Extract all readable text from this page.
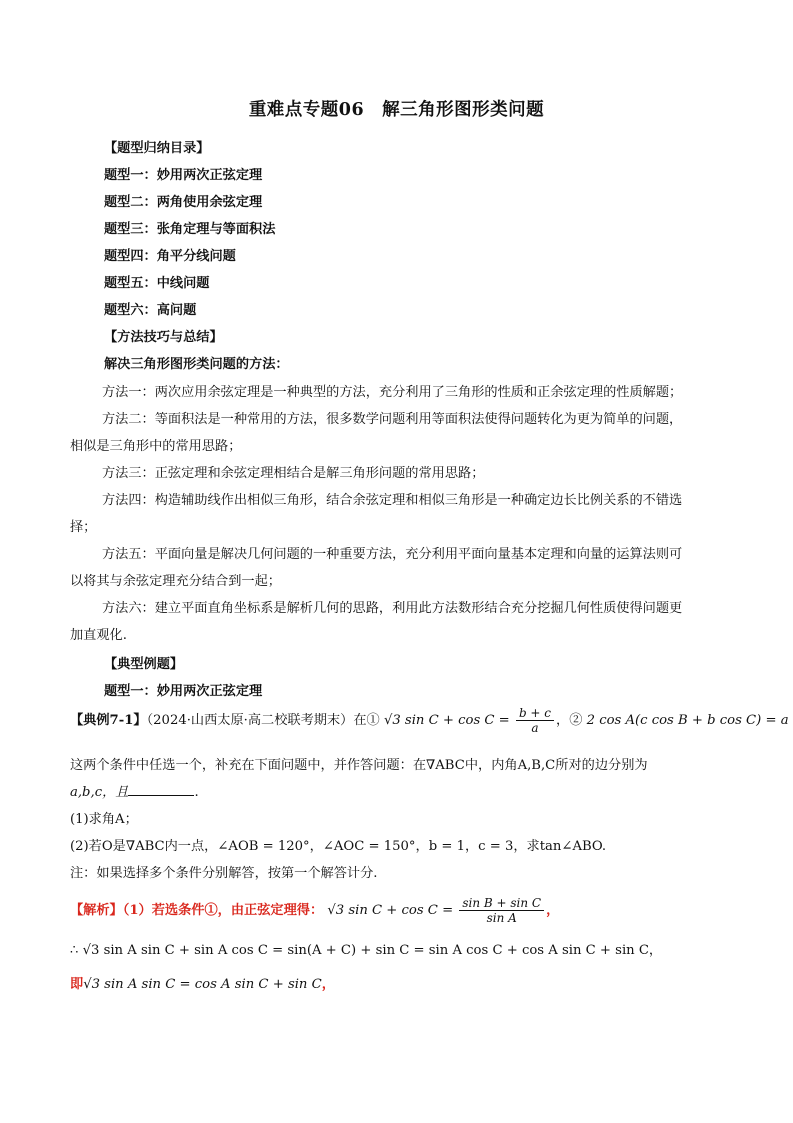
重难点专题06　解三角形图形类问题
【题型归纳目录】
题型一：妙用两次正弦定理
题型二：两角使用余弦定理
题型三：张角定理与等面积法
题型四：角平分线问题
题型五：中线问题
题型六：高问题
【方法技巧与总结】
解决三角形图形类问题的方法：
方法一：两次应用余弦定理是一种典型的方法，充分利用了三角形的性质和正余弦定理的性质解题；
方法二：等面积法是一种常用的方法，很多数学问题利用等面积法使得问题转化为更为简单的问题，
相似是三角形中的常用思路；
方法三：正弦定理和余弦定理相结合是解三角形问题的常用思路；
方法四：构造辅助线作出相似三角形，结合余弦定理和相似三角形是一种确定边长比例关系的不错选
择；
方法五：平面向量是解决几何问题的一种重要方法，充分利用平面向量基本定理和向量的运算法则可
以将其与余弦定理充分结合到一起；
方法六：建立平面直角坐标系是解析几何的思路，利用此方法数形结合充分挖掘几何性质使得问题更
加直观化.
【典型例题】
题型一：妙用两次正弦定理
【典例7-1】（2024·山西太原·高二校联考期末）在① √3 $\sin C + \cos C = \frac{b + c}{a}$ ，② 2 cos A(c cos B + b cos C) = a
这两个条件中任选一个，补充在下面问题中，并作答问题：在∇ABC中，内角A,B,C所对的边分别为
a,b,c，且	.
(1)求角A；
(2)若O是∇ABC内一点，∠AOB = 120°，∠AOC = 150°，b = 1，c = 3，求tan∠ABO.
注：如果选择多个条件分别解答，按第一个解答计分.
【解析】（1）若选条件①，由正弦定理得： √3 $\sin C + \cos C = \frac{\text{sin B + sin C}}{\text{sin A}}$ ，
∴ √3 sin A sin C + sin A cos C = sin(A + C) + sin C = sin A cos C + cos A sin C + sin C，
即√3 sin A sin C = cos A sin C + sin C，
